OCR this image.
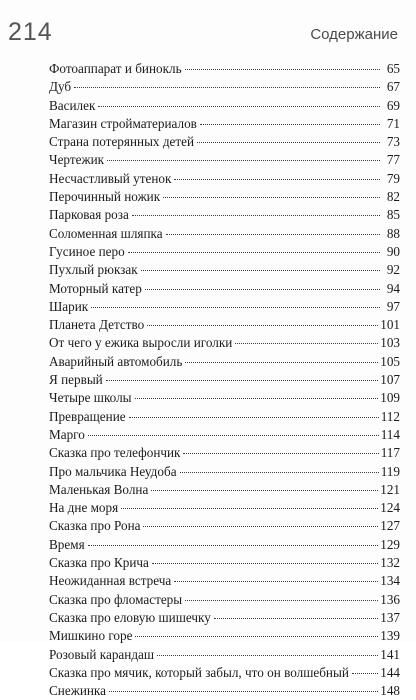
214	Содержание
Фотоаппарат и бинокль	65
Дуб	67
Василек	69
Магазин стройматериалов	71
Страна потерянных детей	73
Чертежик	77
Несчастливый утенок	79
Перочинный ножик	82
Парковая роза	85
Соломенная шляпка	88
Гусиное перо	90
Пухлый рюкзак	92
Моторный катер	94
Шарик	97
Планета Детство	101
От чего у ежика выросли иголки	103
Аварийный автомобиль	105
Я первый	107
Четыре школы	109
Превращение	112
Марго	114
Сказка про телефончик	117
Про мальчика Неудоба	119
Маленькая Волна	121
На дне моря	124
Сказка про Рона	127
Время	129
Сказка про Крича	132
Неожиданная встреча	134
Сказка про фломастеры	136
Сказка про еловую шишечку	137
Мишкино горе	139
Розовый карандаш	141
Сказка про мячик, который забыл, что он волшебный 144
Снежинка	148
